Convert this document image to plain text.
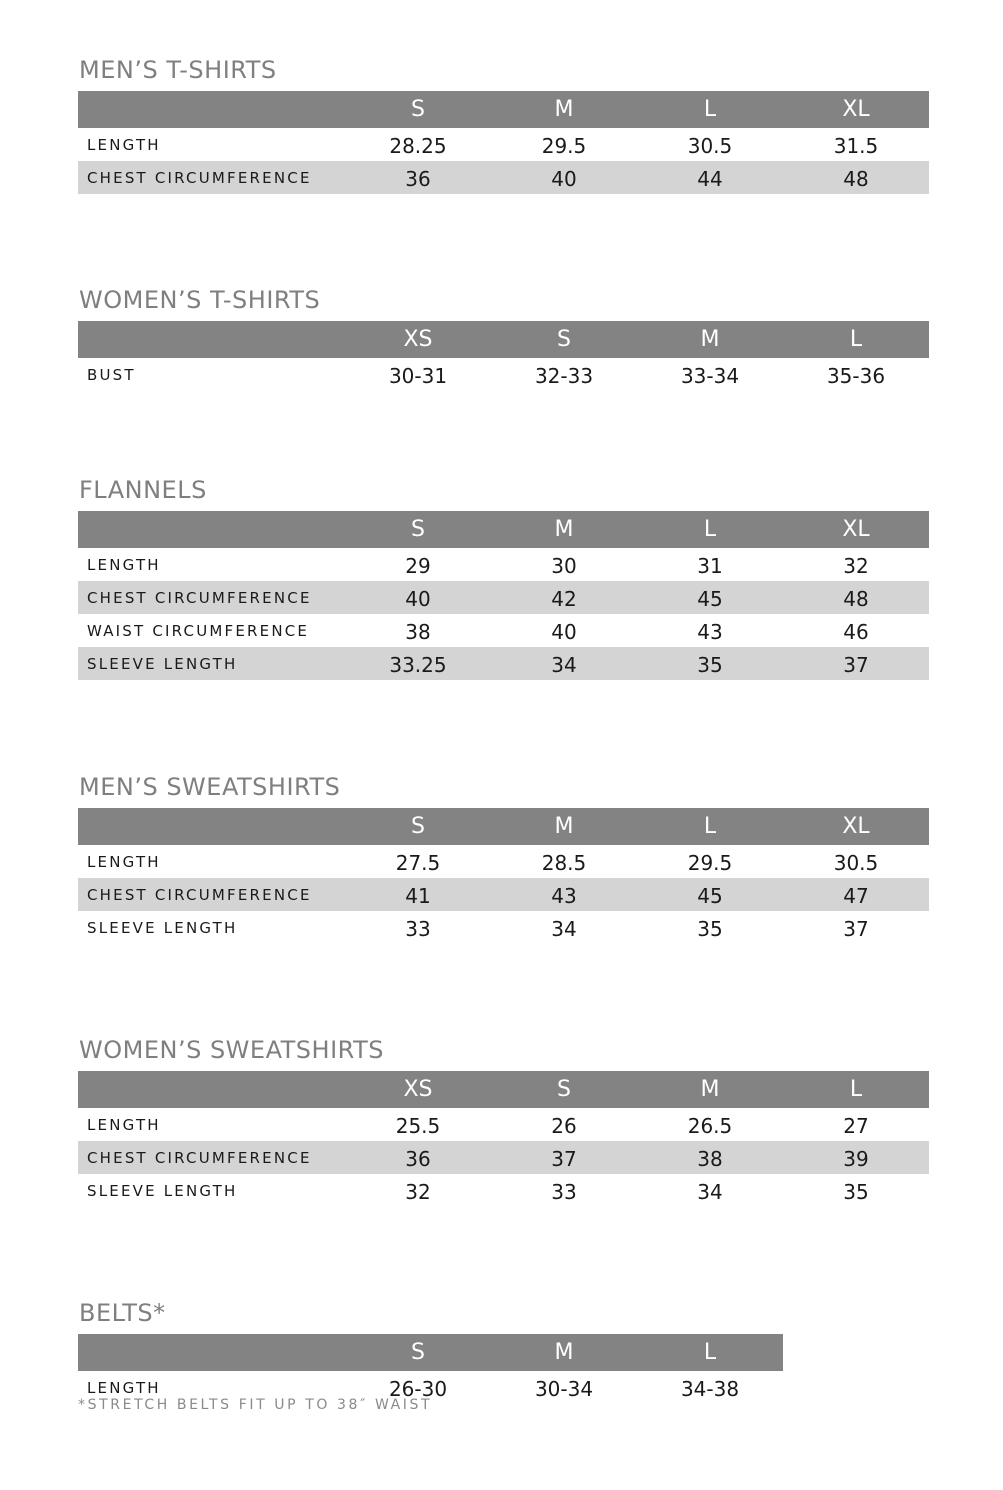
MEN’S T-SHIRTS
S	M	L	XL
LENGTH	28.25	29.5	30.5	31.5
CHEST CIRCUMFERENCE	36	40	44	48
WOMEN’S T-SHIRTS
XS	S	M	L
BUST	30-31	32-33	33-34	35-36
FLANNELS
S	M	L	XL
LENGTH	29	30	31	32
CHEST CIRCUMFERENCE	40	42	45	48
WAIST CIRCUMFERENCE	38	40	43	46
SLEEVE LENGTH	33.25	34	35	37
MEN’S SWEATSHIRTS
S	M	L	XL
LENGTH	27.5	28.5	29.5	30.5
CHEST CIRCUMFERENCE	41	43	45	47
SLEEVE LENGTH	33	34	35	37
WOMEN’S SWEATSHIRTS
XS	S	M	L
LENGTH	25.5	26	26.5	27
CHEST CIRCUMFERENCE	36	37	38	39
SLEEVE LENGTH	32	33	34	35
BELTS*
S	M	L
LENGTH	26-30	30-34	34-38
*STRETCH BELTS FIT UP TO 38″ WAIST
